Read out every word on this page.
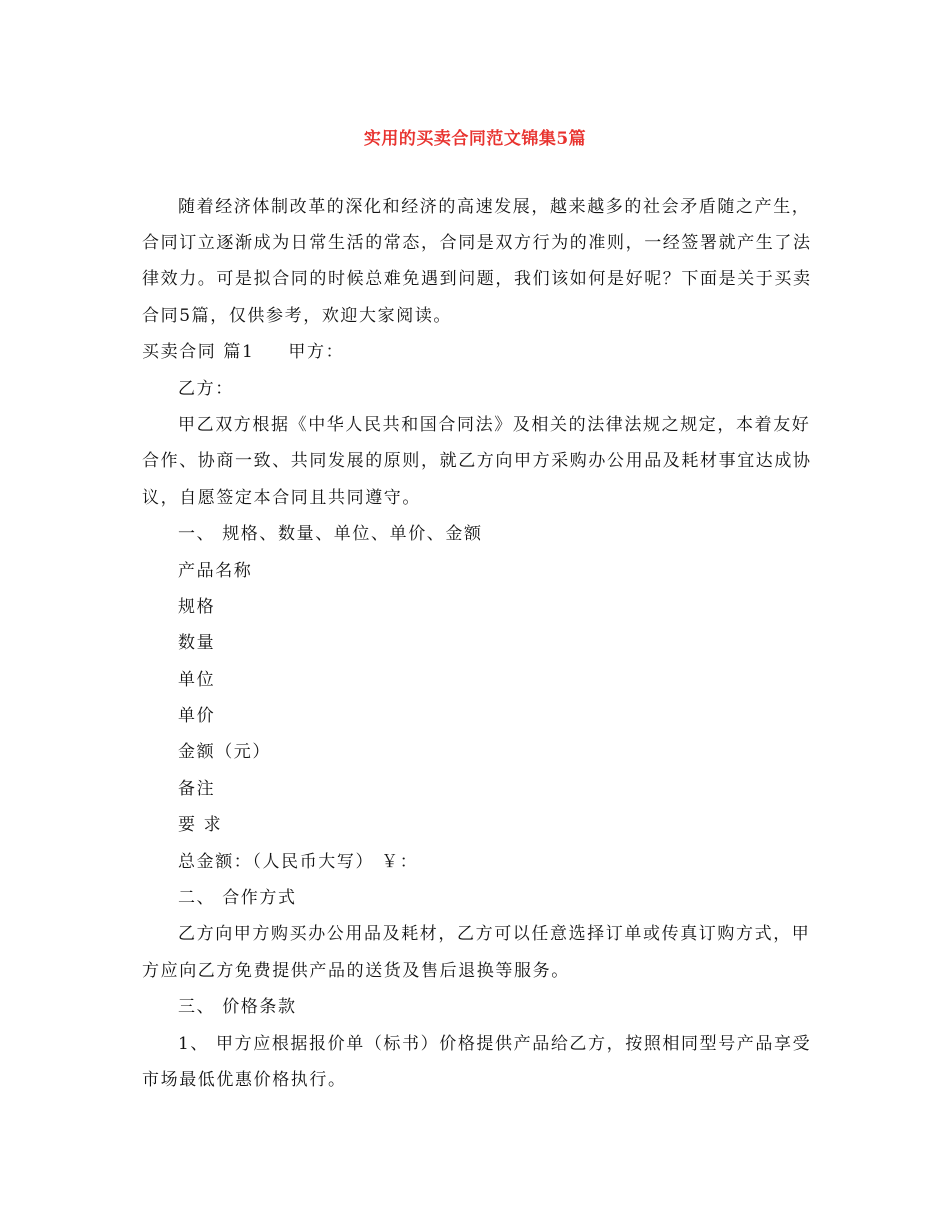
实用的买卖合同范文锦集5篇
随着经济体制改革的深化和经济的高速发展，越来越多的社会矛盾随之产生，
合同订立逐渐成为日常生活的常态，合同是双方行为的准则，一经签署就产生了法
律效力。可是拟合同的时候总难免遇到问题，我们该如何是好呢？下面是关于买卖
合同5篇，仅供参考，欢迎大家阅读。
买卖合同 篇1 甲方：
乙方：
甲乙双方根据《中华人民共和国合同法》及相关的法律法规之规定，本着友好
合作、协商一致、共同发展的原则，就乙方向甲方采购办公用品及耗材事宜达成协
议，自愿签定本合同且共同遵守。
一、 规格、数量、单位、单价、金额
产品名称
规格
数量
单位
单价
金额（元）
备注
要 求
总金额：（人民币大写） ￥：
二、 合作方式
乙方向甲方购买办公用品及耗材，乙方可以任意选择订单或传真订购方式，甲
方应向乙方免费提供产品的送货及售后退换等服务。
三、 价格条款
1、 甲方应根据报价单（标书）价格提供产品给乙方，按照相同型号产品享受
市场最低优惠价格执行。
